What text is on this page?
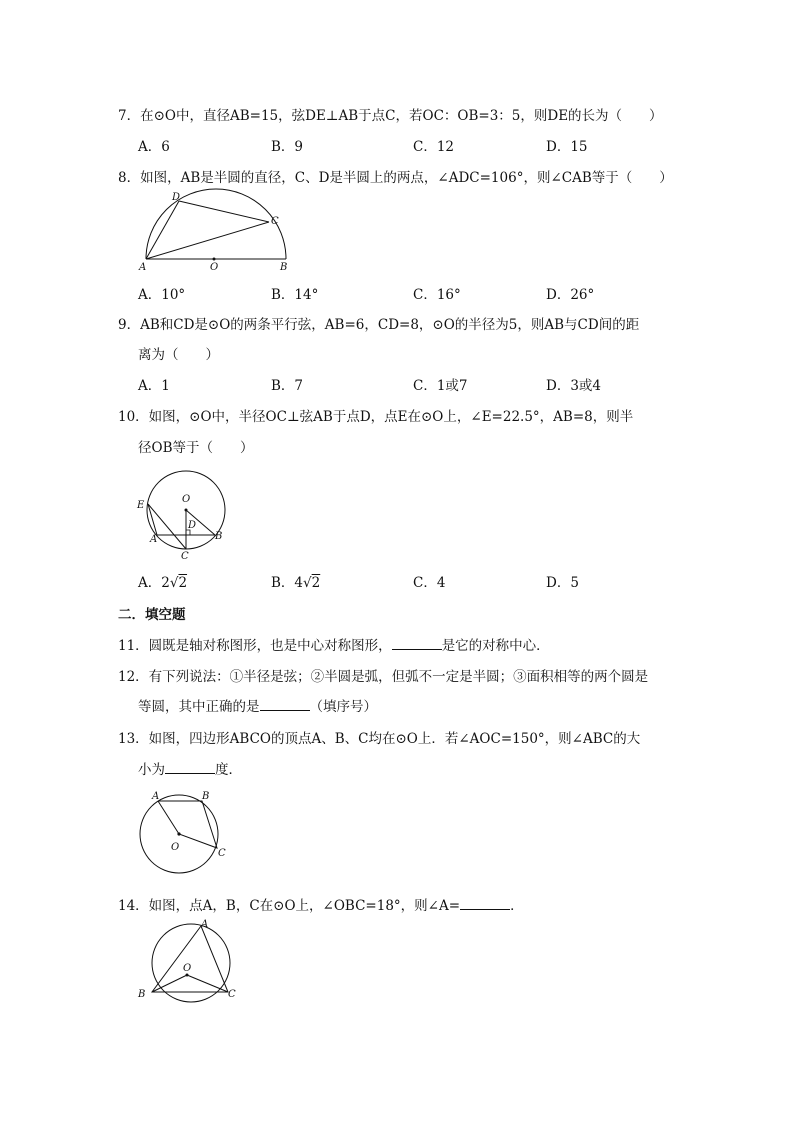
7．在⊙O中，直径AB=15，弦DE⊥AB于点C，若OC：OB=3：5，则DE的长为（　　）
A．6	B．9	C．12	D．15
8．如图，AB是半圆的直径，C、D是半圆上的两点，∠ADC=106°，则∠CAB等于（　　）
A	B
C
D
O
A．10°	B．14°	C．16°	D．26°
9．AB和CD是⊙O的两条平行弦，AB=6，CD=8，⊙O的半径为5，则AB与CD间的距
离为（　　）
A．1	B．7	C．1或7	D．3或4
10．如图，⊙O中，半径OC⊥弦AB于点D，点E在⊙O上，∠E=22.5°，AB=8，则半
径OB等于（　　）
O
E
D
A	B
C
A．2√2	B．4√2	C．4	D．5
二．填空题
11．圆既是轴对称图形，也是中心对称图形，	是它的对称中心．
12．有下列说法：①半径是弦；②半圆是弧，但弧不一定是半圆；③面积相等的两个圆是
等圆，其中正确的是	（填序号）
13．如图，四边形ABCO的顶点A、B、C均在⊙O上．若∠AOC=150°，则∠ABC的大
小为	度．
A	B
C
O
14．如图，点A，B，C在⊙O上，∠OBC=18°，则∠A=	．
A
B	C
O
